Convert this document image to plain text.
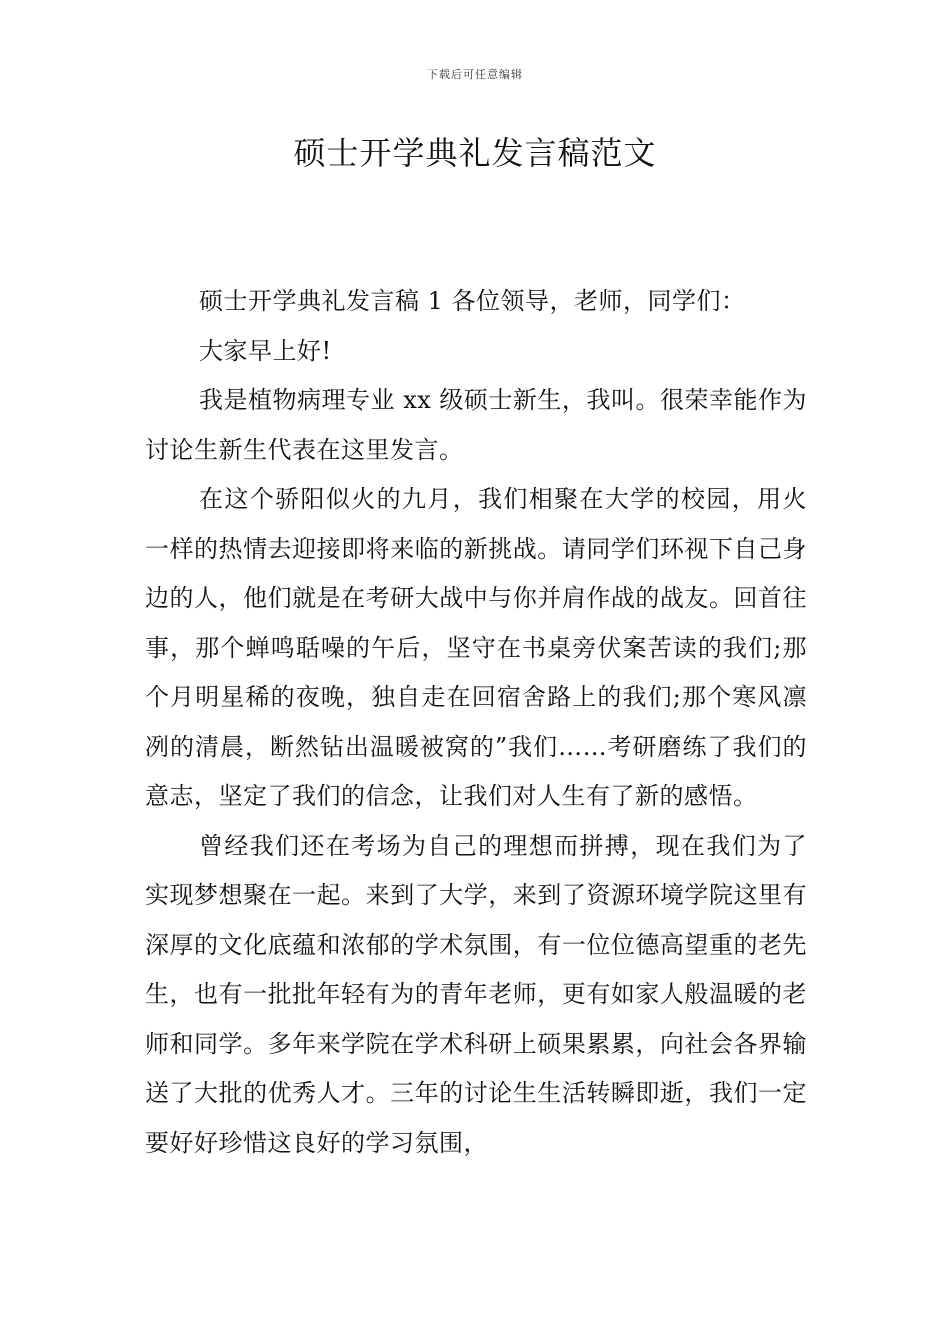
下载后可任意编辑
硕士开学典礼发言稿范文

硕士开学典礼发言稿 1 各位领导，老师，同学们：

大家早上好!

我是植物病理专业 xx 级硕士新生，我叫。很荣幸能作为讨论生新生代表在这里发言。

在这个骄阳似火的九月，我们相聚在大学的校园，用火一样的热情去迎接即将来临的新挑战。请同学们环视下自己身边的人，他们就是在考研大战中与你并肩作战的战友。回首往事，那个蝉鸣聒噪的午后，坚守在书桌旁伏案苦读的我们;那个月明星稀的夜晚，独自走在回宿舍路上的我们;那个寒风凛冽的清晨，断然钻出温暖被窝的”我们……考研磨练了我们的意志，坚定了我们的信念，让我们对人生有了新的感悟。

曾经我们还在考场为自己的理想而拼搏，现在我们为了实现梦想聚在一起。来到了大学，来到了资源环境学院这里有深厚的文化底蕴和浓郁的学术氛围，有一位位德高望重的老先生，也有一批批年轻有为的青年老师，更有如家人般温暖的老师和同学。多年来学院在学术科研上硕果累累，向社会各界输送了大批的优秀人才。三年的讨论生生活转瞬即逝，我们一定要好好珍惜这良好的学习氛围，
